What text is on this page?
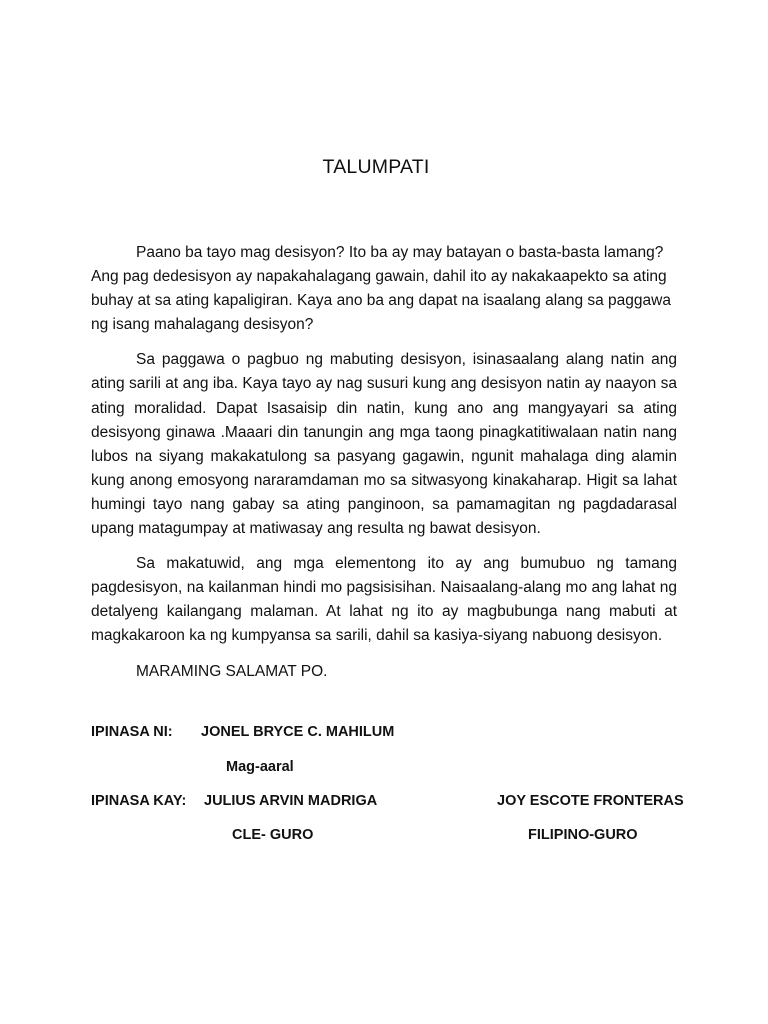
TALUMPATI

Paano ba tayo mag desisyon? Ito ba ay may batayan o basta-basta lamang? Ang pag dedesisyon ay napakahalagang gawain, dahil ito ay nakakaapekto sa ating buhay at sa ating kapaligiran. Kaya ano ba ang dapat na isaalang alang sa paggawa ng isang mahalagang desisyon?

Sa paggawa o pagbuo ng mabuting desisyon, isinasaalang alang natin ang ating sarili at ang iba. Kaya tayo ay nag susuri kung ang desisyon natin ay naayon sa ating moralidad. Dapat Isasaisip din natin, kung ano ang mangyayari sa ating desisyong ginawa .Maaari din tanungin ang mga taong pinagkatitiwalaan natin nang lubos na siyang makakatulong sa pasyang gagawin, ngunit mahalaga ding alamin kung anong emosyong nararamdaman mo sa sitwasyong kinakaharap. Higit sa lahat humingi tayo nang gabay sa ating panginoon, sa pamamagitan ng pagdadarasal upang matagumpay at matiwasay ang resulta ng bawat desisyon.

Sa makatuwid, ang mga elementong ito ay ang bumubuo ng tamang pagdesisyon, na kailanman hindi mo pagsisisihan. Naisaalang-alang mo ang lahat ng detalyeng kailangang malaman. At lahat ng ito ay magbubunga nang mabuti at magkakaroon ka ng kumpyansa sa sarili, dahil sa kasiya-siyang nabuong desisyon.

MARAMING SALAMAT PO.

IPINASA NI: JONEL BRYCE C. MAHILUM
Mag-aaral
IPINASA KAY: JULIUS ARVIN MADRIGA
CLE- GURO
JOY ESCOTE FRONTERAS
FILIPINO-GURO
